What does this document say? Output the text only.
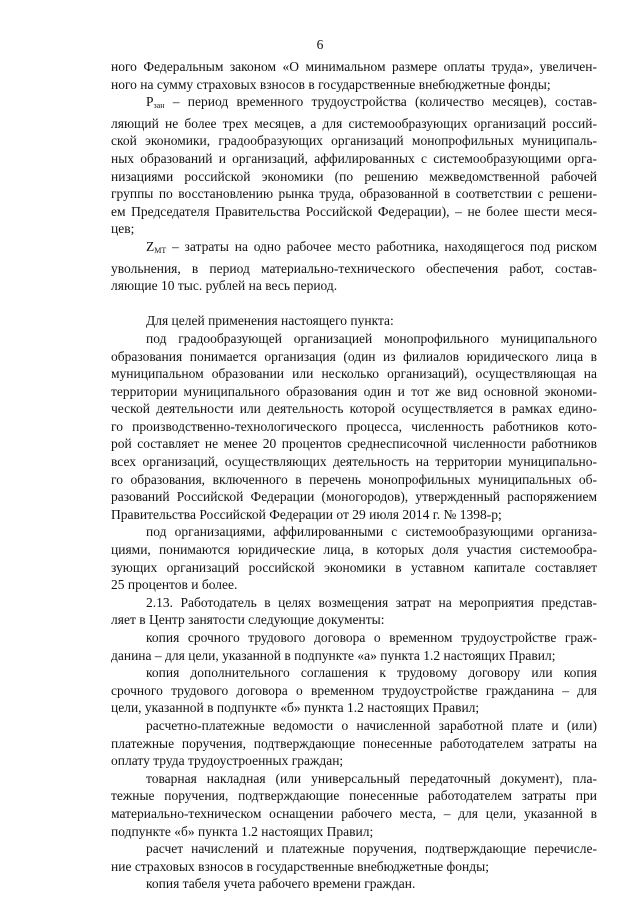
6

ного Федеральным законом «О минимальном размере оплаты труда», увеличен-
ного на сумму страховых взносов в государственные внебюджетные фонды;

$P_{зан}$ – период временного трудоустройства (количество месяцев), состав-
ляющий не более трех месяцев, а для системообразующих организаций россий-
ской экономики, градообразующих организаций монопрофильных муниципаль-
ных образований и организаций, аффилированных с системообразующими орга-
низациями российской экономики (по решению межведомственной рабочей
группы по восстановлению рынка труда, образованной в соответствии с решени-
ем Председателя Правительства Российской Федерации), – не более шести меся-
цев;

$Z_{МТ}$ – затраты на одно рабочее место работника, находящегося под риском
увольнения, в период материально-технического обеспечения работ, состав-
ляющие 10 тыс. рублей на весь период.

Для целей применения настоящего пункта:

под градообразующей организацией монопрофильного муниципального
образования понимается организация (один из филиалов юридического лица в
муниципальном образовании или несколько организаций), осуществляющая на
территории муниципального образования один и тот же вид основной экономи-
ческой деятельности или деятельность которой осуществляется в рамках едино-
го производственно-технологического процесса, численность работников кото-
рой составляет не менее 20 процентов среднесписочной численности работников
всех организаций, осуществляющих деятельность на территории муниципально-
го образования, включенного в перечень монопрофильных муниципальных об-
разований Российской Федерации (моногородов), утвержденный распоряжением
Правительства Российской Федерации от 29 июля 2014 г. № 1398-р;

под организациями, аффилированными с системообразующими организа-
циями, понимаются юридические лица, в которых доля участия системообра-
зующих организаций российской экономики в уставном капитале составляет
25 процентов и более.

2.13. Работодатель в целях возмещения затрат на мероприятия представ-
ляет в Центр занятости следующие документы:

копия срочного трудового договора о временном трудоустройстве граж-
данина – для цели, указанной в подпункте «а» пункта 1.2 настоящих Правил;

копия дополнительного соглашения к трудовому договору или копия
срочного трудового договора о временном трудоустройстве гражданина – для
цели, указанной в подпункте «б» пункта 1.2 настоящих Правил;

расчетно-платежные ведомости о начисленной заработной плате и (или)
платежные поручения, подтверждающие понесенные работодателем затраты на
оплату труда трудоустроенных граждан;

товарная накладная (или универсальный передаточный документ), пла-
тежные поручения, подтверждающие понесенные работодателем затраты при
материально-техническом оснащении рабочего места, – для цели, указанной в
подпункте «б» пункта 1.2 настоящих Правил;

расчет начислений и платежные поручения, подтверждающие перечисле-
ние страховых взносов в государственные внебюджетные фонды;

копия табеля учета рабочего времени граждан.
